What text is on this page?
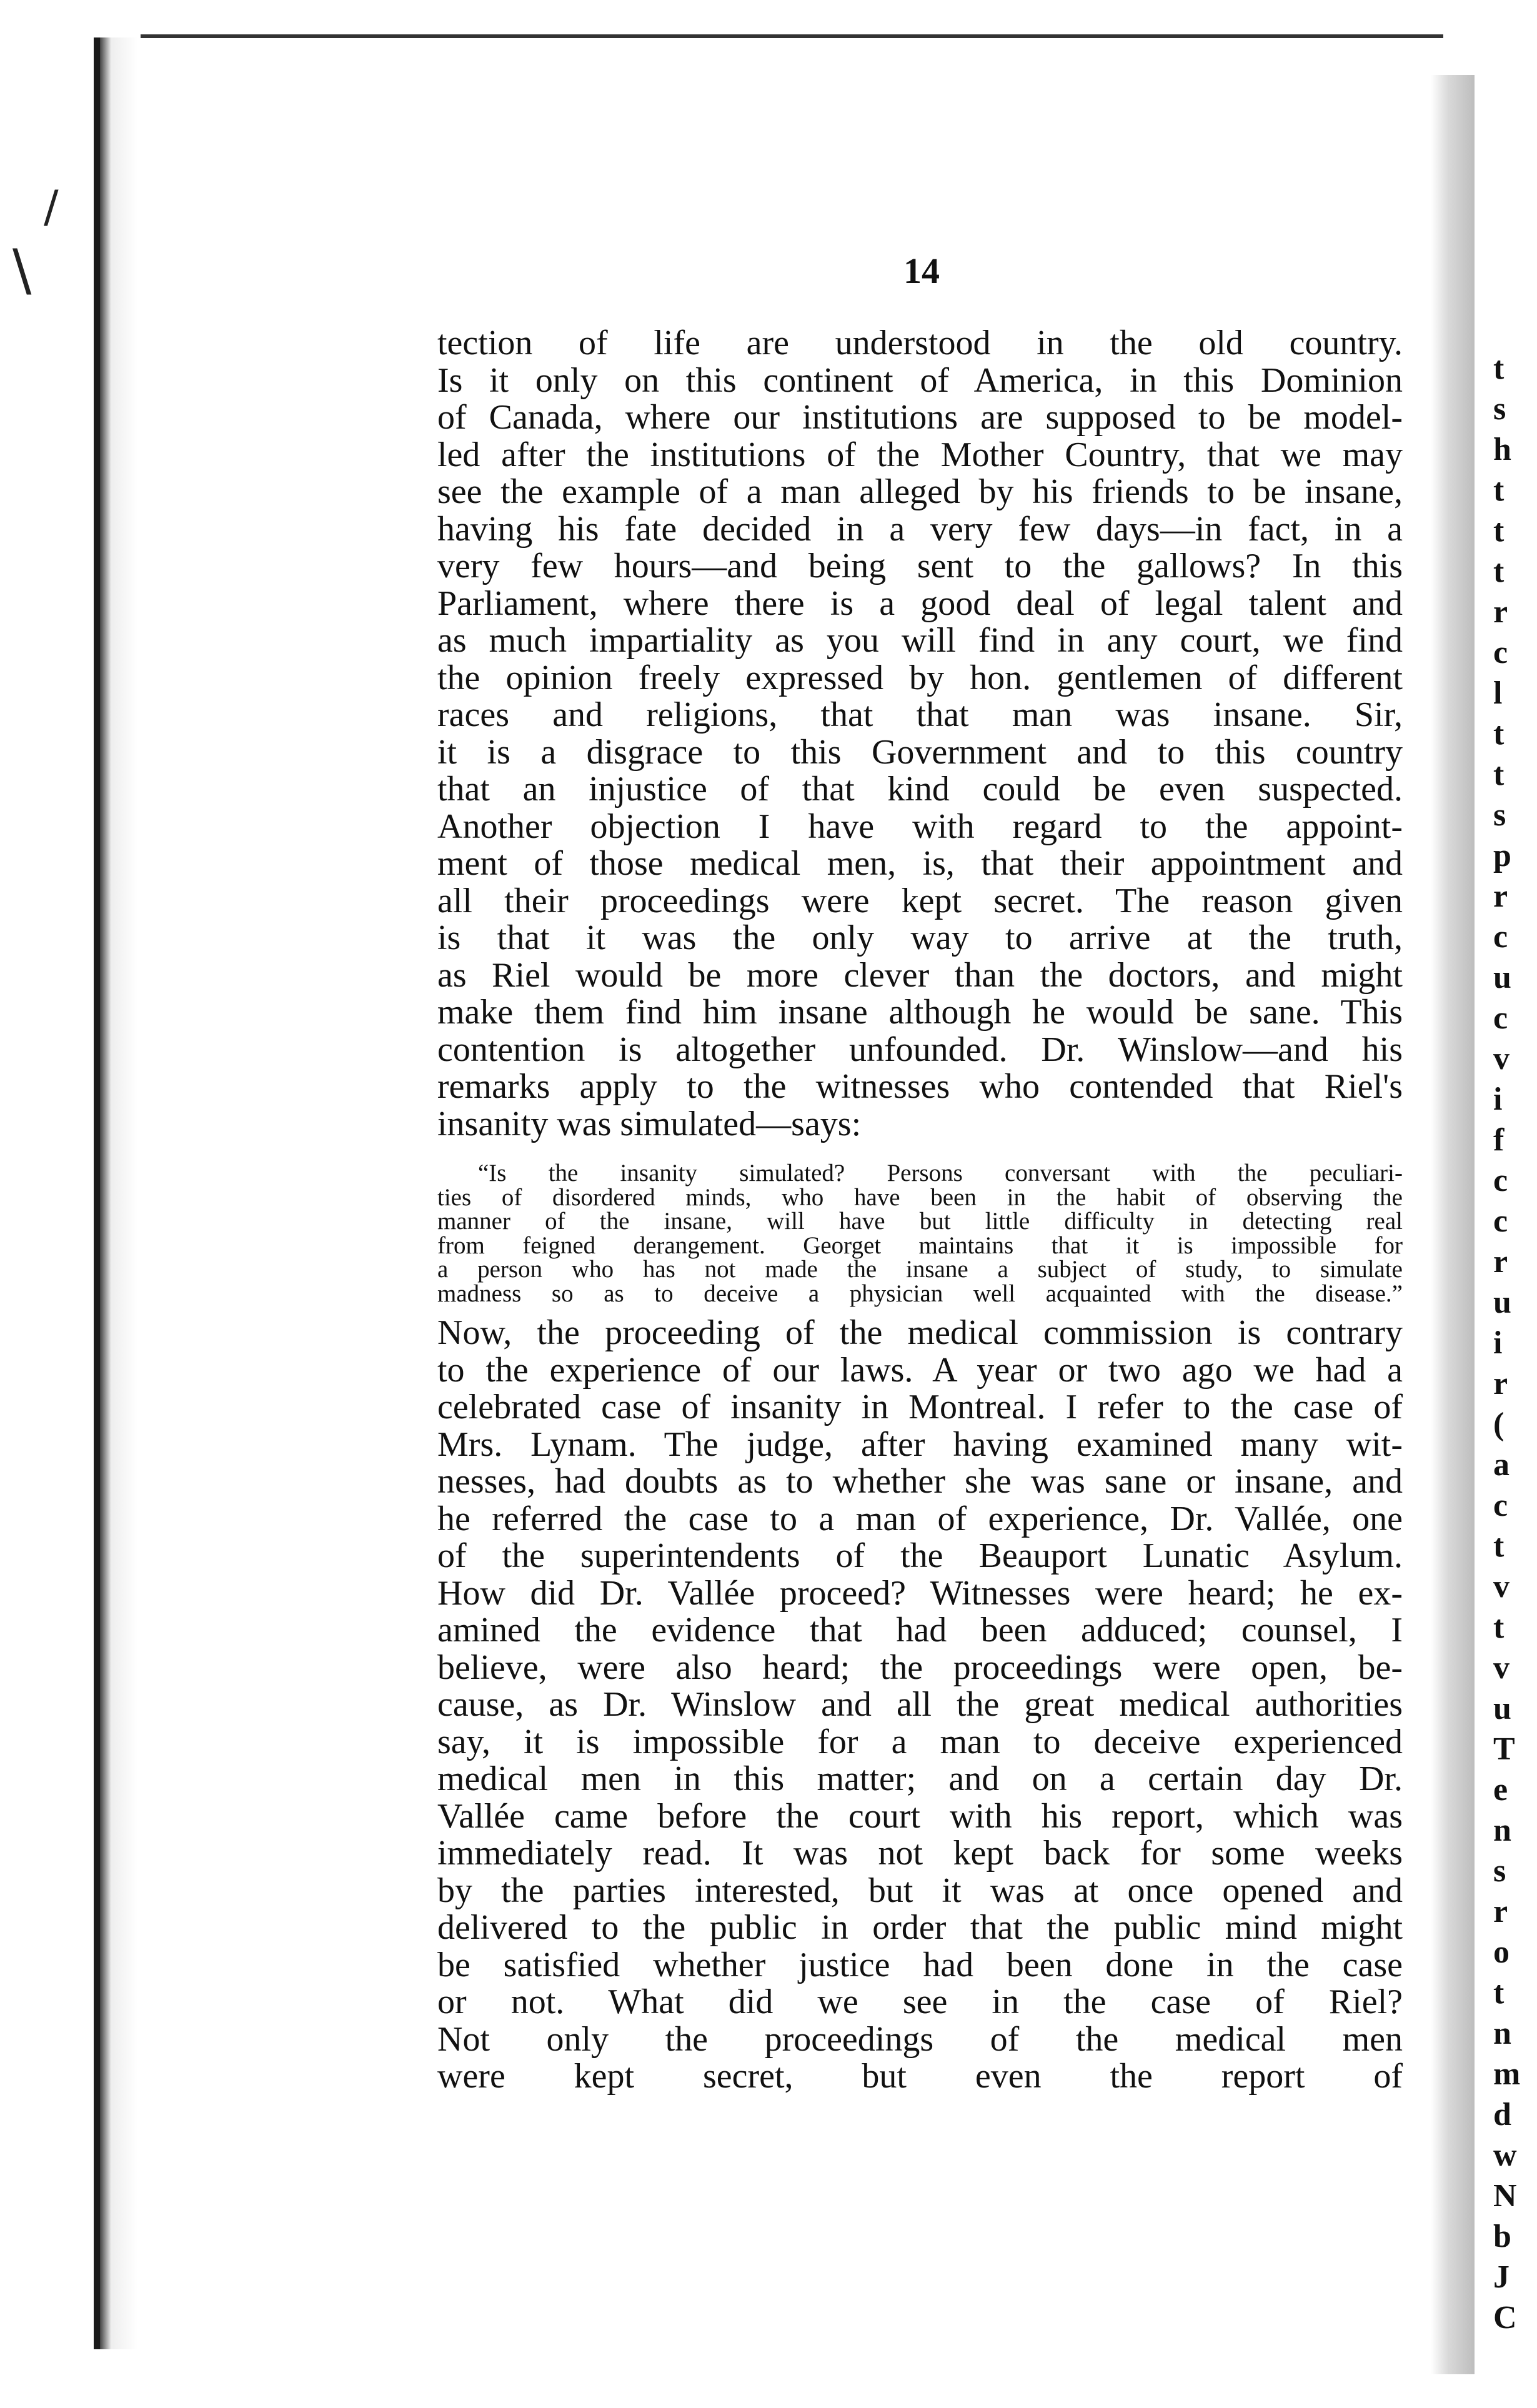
/
\
t
s
h
t
t
t
r
c
l
t
t
s
p
r
c
u
c
v
i
f
c
c
r
u
i
r
(
a
c
t
v
t
v
u
T
e
n
s
r
o
t
n
m
d
w
N
b
J
C
14

tection of life are understood in the old country.
Is it only on this continent of America, in this Dominion
of Canada, where our institutions are supposed to be model-
led after the institutions of the Mother Country, that we may
see the example of a man alleged by his friends to be insane,
having his fate decided in a very few days—in fact, in a
very few hours—and being sent to the gallows? In this
Parliament, where there is a good deal of legal talent and
as much impartiality as you will find in any court, we find
the opinion freely expressed by hon. gentlemen of different
races and religions, that that man was insane. Sir,
it is a disgrace to this Government and to this country
that an injustice of that kind could be even suspected.
Another objection I have with regard to the appoint-
ment of those medical men, is, that their appointment and
all their proceedings were kept secret. The reason given
is that it was the only way to arrive at the truth,
as Riel would be more clever than the doctors, and might
make them find him insane although he would be sane. This
contention is altogether unfounded. Dr. Winslow—and his
remarks apply to the witnesses who contended that Riel's
insanity was simulated—says:

“Is the insanity simulated? Persons conversant with the peculiari-
ties of disordered minds, who have been in the habit of observing the
manner of the insane, will have but little difficulty in detecting real
from feigned derangement. Georget maintains that it is impossible for
a person who has not made the insane a subject of study, to simulate
madness so as to deceive a physician well acquainted with the disease.”

Now, the proceeding of the medical commission is contrary
to the experience of our laws. A year or two ago we had a
celebrated case of insanity in Montreal. I refer to the case of
Mrs. Lynam. The judge, after having examined many wit-
nesses, had doubts as to whether she was sane or insane, and
he referred the case to a man of experience, Dr. Vallée, one
of the superintendents of the Beauport Lunatic Asylum.
How did Dr. Vallée proceed? Witnesses were heard; he ex-
amined the evidence that had been adduced; counsel, I
believe, were also heard; the proceedings were open, be-
cause, as Dr. Winslow and all the great medical authorities
say, it is impossible for a man to deceive experienced
medical men in this matter; and on a certain day Dr.
Vallée came before the court with his report, which was
immediately read. It was not kept back for some weeks
by the parties interested, but it was at once opened and
delivered to the public in order that the public mind might
be satisfied whether justice had been done in the case
or not. What did we see in the case of Riel?
Not only the proceedings of the medical men
were kept secret, but even the report of
